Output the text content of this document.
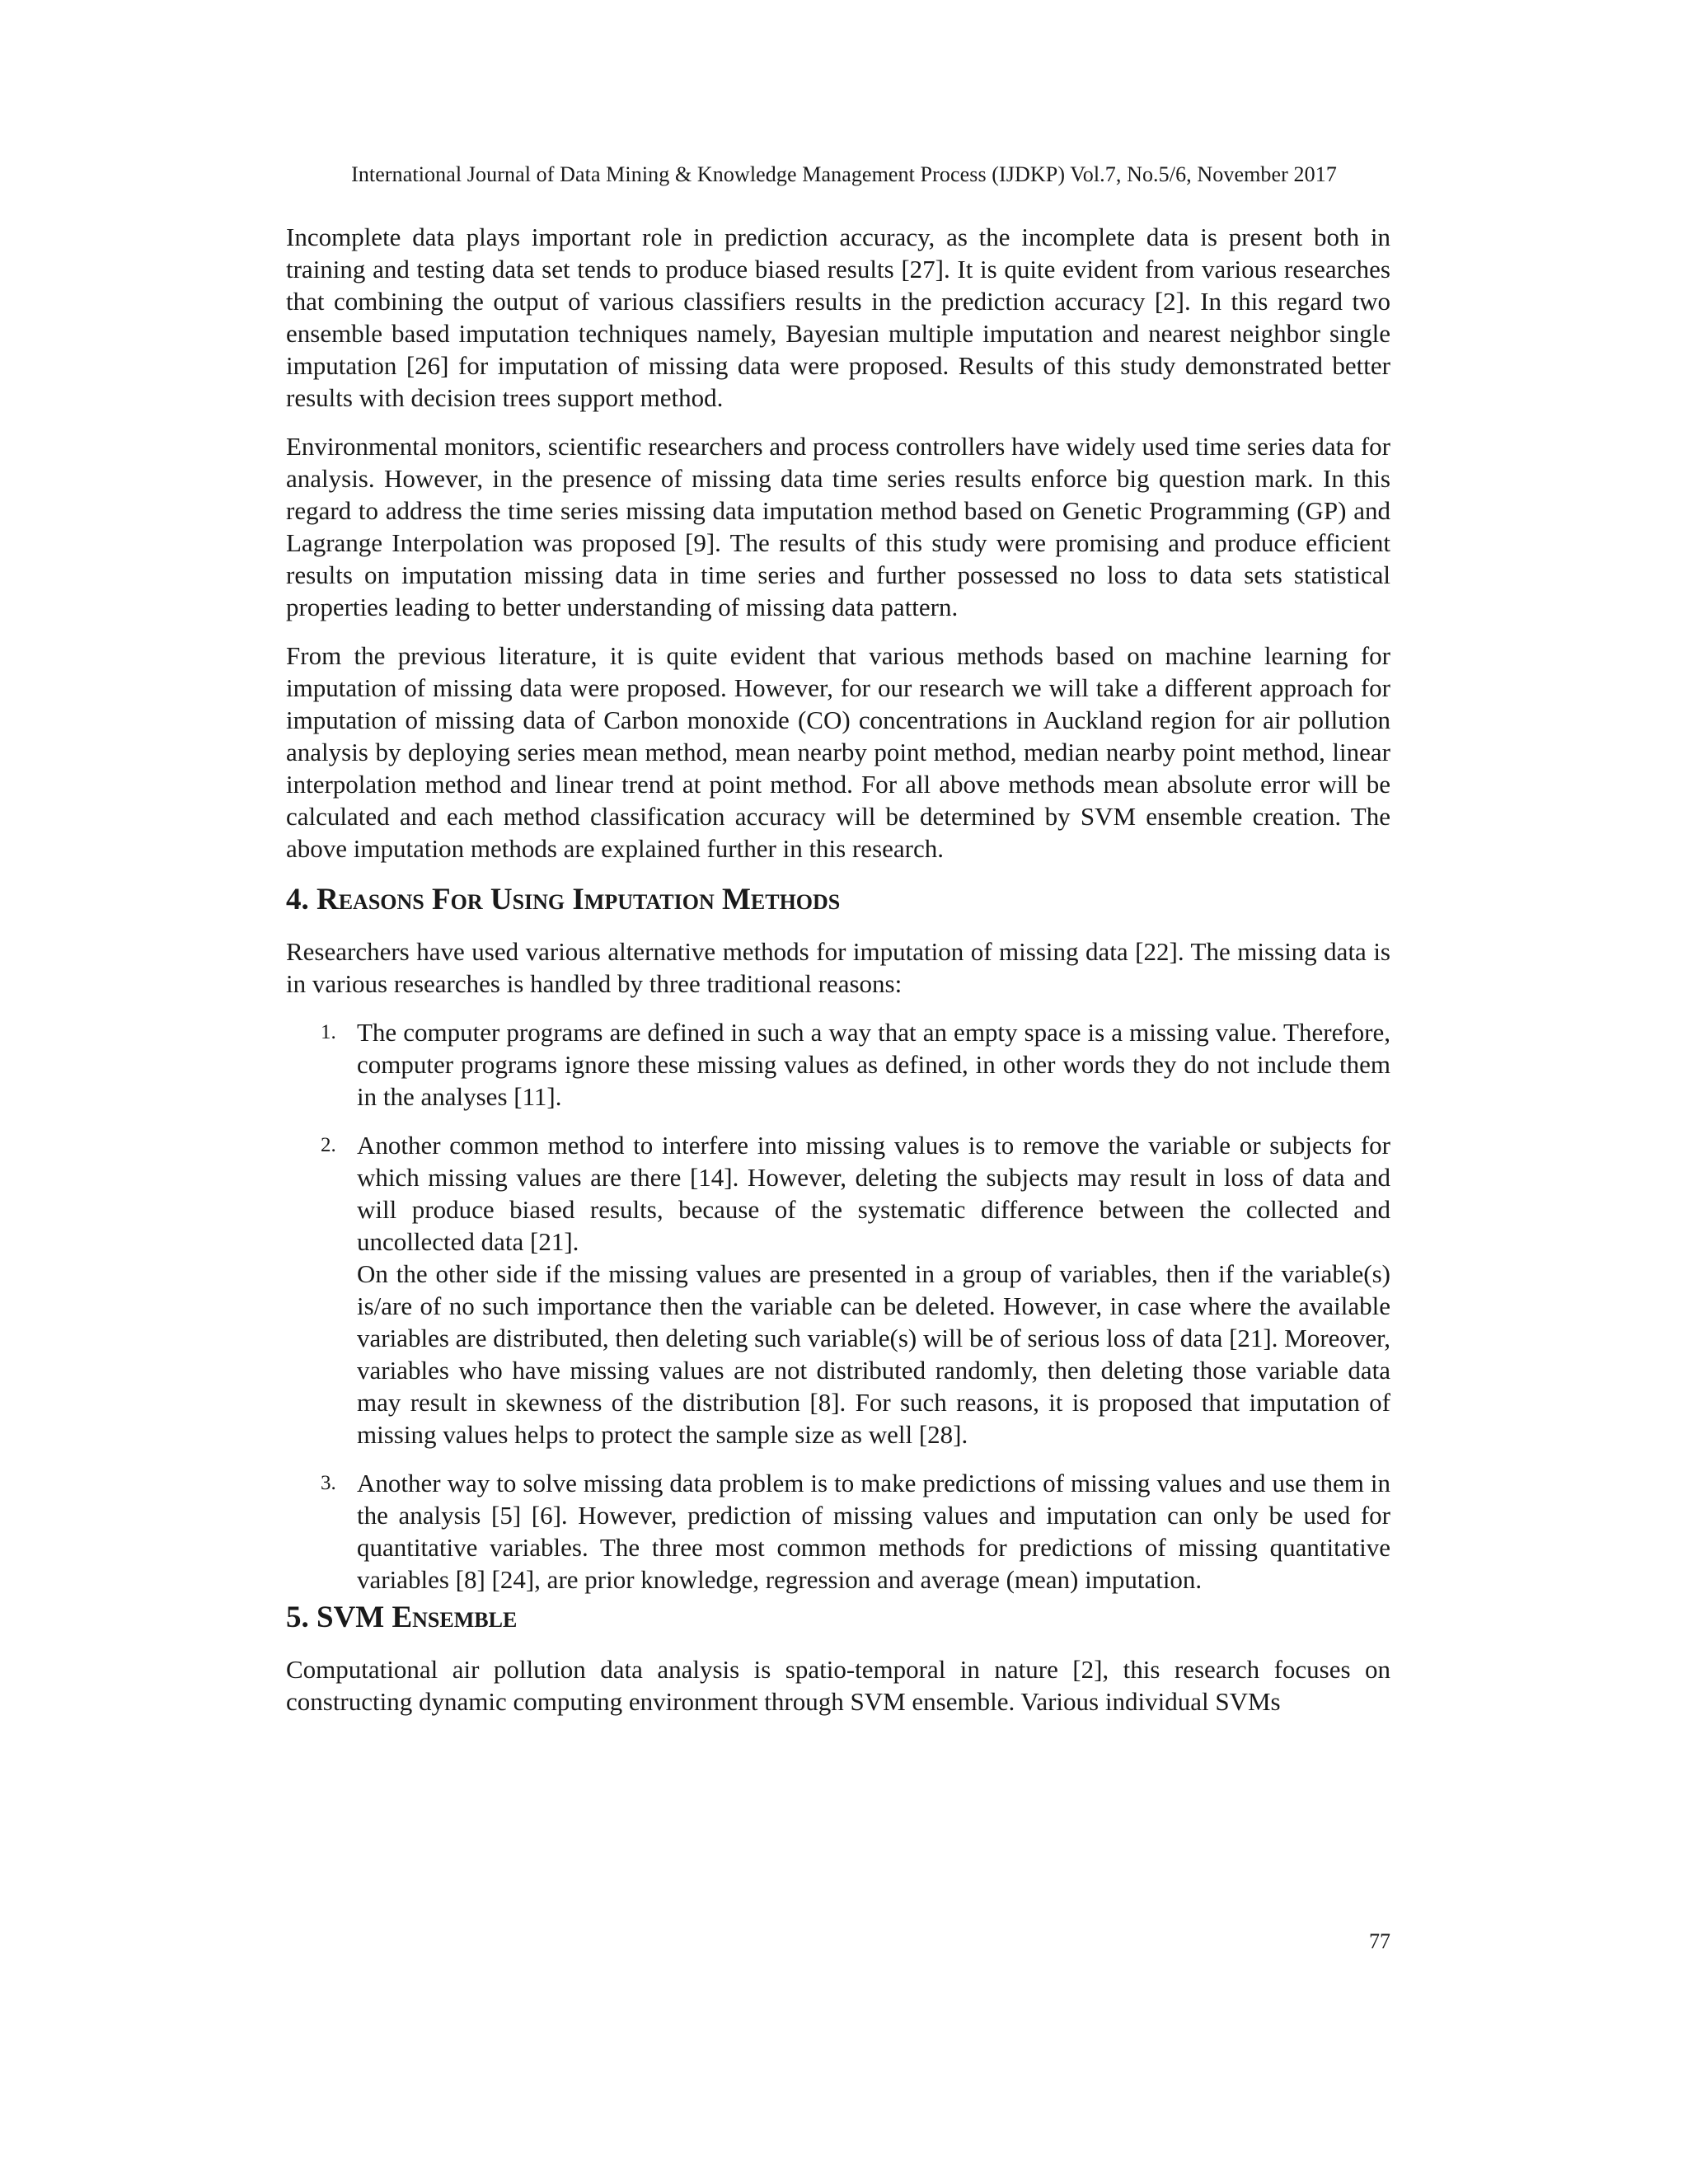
International Journal of Data Mining & Knowledge Management Process (IJDKP) Vol.7, No.5/6, November 2017

Incomplete data plays important role in prediction accuracy, as the incomplete data is present both in training and testing data set tends to produce biased results [27]. It is quite evident from various researches that combining the output of various classifiers results in the prediction accuracy [2]. In this regard two ensemble based imputation techniques namely, Bayesian multiple imputation and nearest neighbor single imputation [26] for imputation of missing data were proposed. Results of this study demonstrated better results with decision trees support method.

Environmental monitors, scientific researchers and process controllers have widely used time series data for analysis. However, in the presence of missing data time series results enforce big question mark. In this regard to address the time series missing data imputation method based on Genetic Programming (GP) and Lagrange Interpolation was proposed [9]. The results of this study were promising and produce efficient results on imputation missing data in time series and further possessed no loss to data sets statistical properties leading to better understanding of missing data pattern.

From the previous literature, it is quite evident that various methods based on machine learning for imputation of missing data were proposed. However, for our research we will take a different approach for imputation of missing data of Carbon monoxide (CO) concentrations in Auckland region for air pollution analysis by deploying series mean method, mean nearby point method, median nearby point method, linear interpolation method and linear trend at point method. For all above methods mean absolute error will be calculated and each method classification accuracy will be determined by SVM ensemble creation. The above imputation methods are explained further in this research.

4. Reasons For Using Imputation Methods

Researchers have used various alternative methods for imputation of missing data [22]. The missing data is in various researches is handled by three traditional reasons:

1. The computer programs are defined in such a way that an empty space is a missing value. Therefore, computer programs ignore these missing values as defined, in other words they do not include them in the analyses [11].

2. Another common method to interfere into missing values is to remove the variable or subjects for which missing values are there [14]. However, deleting the subjects may result in loss of data and will produce biased results, because of the systematic difference between the collected and uncollected data [21].

On the other side if the missing values are presented in a group of variables, then if the variable(s) is/are of no such importance then the variable can be deleted. However, in case where the available variables are distributed, then deleting such variable(s) will be of serious loss of data [21]. Moreover, variables who have missing values are not distributed randomly, then deleting those variable data may result in skewness of the distribution [8]. For such reasons, it is proposed that imputation of missing values helps to protect the sample size as well [28].

3. Another way to solve missing data problem is to make predictions of missing values and use them in the analysis [5] [6]. However, prediction of missing values and imputation can only be used for quantitative variables. The three most common methods for predictions of missing quantitative variables [8] [24], are prior knowledge, regression and average (mean) imputation.

5. SVM Ensemble

Computational air pollution data analysis is spatio-temporal in nature [2], this research focuses on constructing dynamic computing environment through SVM ensemble. Various individual SVMs

77
